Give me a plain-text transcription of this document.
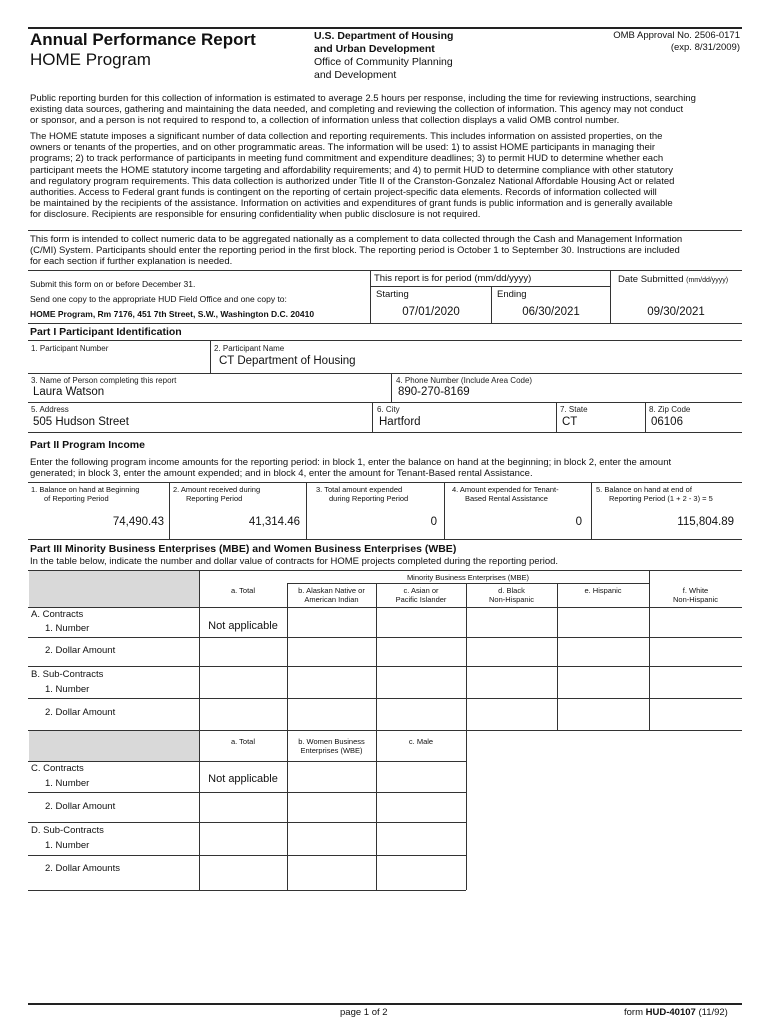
Annual Performance Report
HOME Program
U.S. Department of Housing
and Urban Development
Office of Community Planning
and Development
OMB Approval No. 2506-0171
(exp. 8/31/2009)
Public reporting burden for this collection of information is estimated to average 2.5 hours per response, including the time for reviewing instructions, searching
existing data sources, gathering and maintaining the data needed, and completing and reviewing the collection of information. This agency may not conduct
or sponsor, and a person is not required to respond to, a collection of information unless that collection displays a valid OMB control number.
The HOME statute imposes a significant number of data collection and reporting requirements. This includes information on assisted properties, on the
owners or tenants of the properties, and on other programmatic areas. The information will be used: 1) to assist HOME participants in managing their
programs; 2) to track performance of participants in meeting fund commitment and expenditure deadlines; 3) to permit HUD to determine whether each
participant meets the HOME statutory income targeting and affordability requirements; and 4) to permit HUD to determine compliance with other statutory
and regulatory program requirements. This data collection is authorized under Title II of the Cranston-Gonzalez National Affordable Housing Act or related
authorities. Access to Federal grant funds is contingent on the reporting of certain project-specific data elements. Records of information collected will
be maintained by the recipients of the assistance. Information on activities and expenditures of grant funds is public information and is generally available
for disclosure. Recipients are responsible for ensuring confidentiality when public disclosure is not required.
This form is intended to collect numeric data to be aggregated nationally as a complement to data collected through the Cash and Management Information
(C/MI) System. Participants should enter the reporting period in the first block. The reporting period is October 1 to September 30. Instructions are included
for each section if further explanation is needed.
Submit this form on or before December 31.
Send one copy to the appropriate HUD Field Office and one copy to:
HOME Program, Rm 7176, 451 7th Street, S.W., Washington D.C. 20410
This report is for period (mm/dd/yyyy)
Starting	Ending
07/01/2020	06/30/2021
Date Submitted (mm/dd/yyyy)
09/30/2021
Part I Participant Identification
1. Participant Number	2. Participant Name
CT Department of Housing
3. Name of Person completing this report
Laura Watson
4. Phone Number (Include Area Code)
890-270-8169
5. Address
505 Hudson Street
6. City
Hartford
7. State
CT
8. Zip Code
06106
Part II Program Income
Enter the following program income amounts for the reporting period: in block 1, enter the balance on hand at the beginning; in block 2, enter the amount
generated; in block 3, enter the amount expended; and in block 4, enter the amount for Tenant-Based rental Assistance.
1. Balance on hand at Beginning
of Reporting Period
2. Amount received during
Reporting Period
3. Total amount expended
during Reporting Period
4. Amount expended for Tenant-
Based Rental Assistance
5. Balance on hand at end of
Reporting Period (1 + 2 - 3) = 5
74,490.43	41,314.46	0	0	115,804.89
Part III Minority Business Enterprises (MBE) and Women Business Enterprises (WBE)
In the table below, indicate the number and dollar value of contracts for HOME projects completed during the reporting period.
Minority Business Enterprises (MBE)
a. Total	b. Alaskan Native or
American Indian
c. Asian or
Pacific Islander
d. Black
Non-Hispanic
e. Hispanic	f. White
Non-Hispanic
A. Contracts
1. Number	Not applicable
2. Dollar Amount
B. Sub-Contracts
1. Number
2. Dollar Amount
a. Total	b. Women Business
Enterprises (WBE)
c. Male
C. Contracts
1. Number	Not applicable
2. Dollar Amount
D. Sub-Contracts
1. Number
2. Dollar Amounts
page 1 of 2	form HUD-40107 (11/92)
